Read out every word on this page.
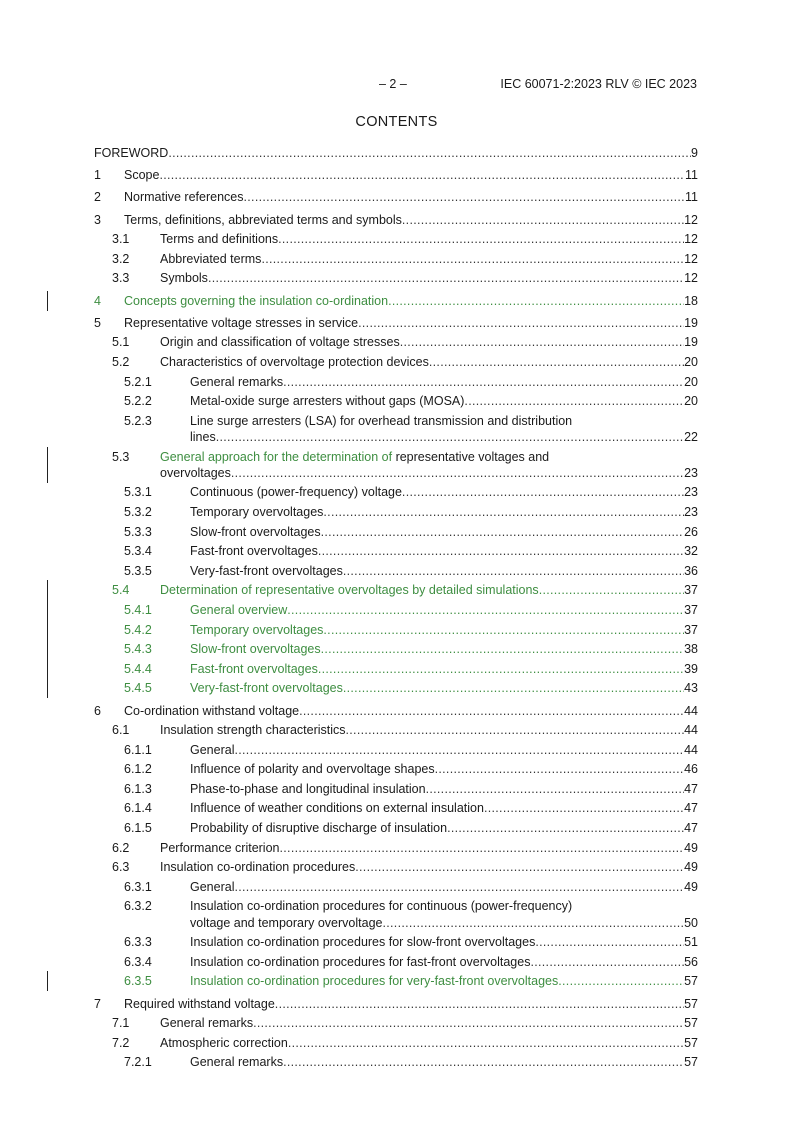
– 2 –	IEC 60071-2:2023 RLV © IEC 2023
CONTENTS
FOREWORD .....	9
1	Scope .....	11
2	Normative references .....	11
3	Terms, definitions, abbreviated terms and symbols .....	12
3.1	Terms and definitions .....	12
3.2	Abbreviated terms .....	12
3.3	Symbols .....	12
4	Concepts governing the insulation co-ordination .....	18
5	Representative voltage stresses in service .....	19
5.1	Origin and classification of voltage stresses .....	19
5.2	Characteristics of overvoltage protection devices .....	20
5.2.1	General remarks .....	20
5.2.2	Metal-oxide surge arresters without gaps (MOSA) .....	20
5.2.3	Line surge arresters (LSA) for overhead transmission and distribution
lines .....	22
5.3	General approach for the determination of representative voltages and
overvoltages .....	23
5.3.1	Continuous (power-frequency) voltage .....	23
5.3.2	Temporary overvoltages .....	23
5.3.3	Slow-front overvoltages .....	26
5.3.4	Fast-front overvoltages .....	32
5.3.5	Very-fast-front overvoltages .....	36
5.4	Determination of representative overvoltages by detailed simulations .....	37
5.4.1	General overview .....	37
5.4.2	Temporary overvoltages .....	37
5.4.3	Slow-front overvoltages .....	38
5.4.4	Fast-front overvoltages .....	39
5.4.5	Very-fast-front overvoltages .....	43
6	Co-ordination withstand voltage .....	44
6.1	Insulation strength characteristics .....	44
6.1.1	General .....	44
6.1.2	Influence of polarity and overvoltage shapes .....	46
6.1.3	Phase-to-phase and longitudinal insulation .....	47
6.1.4	Influence of weather conditions on external insulation .....	47
6.1.5	Probability of disruptive discharge of insulation .....	47
6.2	Performance criterion .....	49
6.3	Insulation co-ordination procedures .....	49
6.3.1	General .....	49
6.3.2	Insulation co-ordination procedures for continuous (power-frequency)
voltage and temporary overvoltage .....	50
6.3.3	Insulation co-ordination procedures for slow-front overvoltages .....	51
6.3.4	Insulation co-ordination procedures for fast-front overvoltages .....	56
6.3.5	Insulation co-ordination procedures for very-fast-front overvoltages .....	57
7	Required withstand voltage .....	57
7.1	General remarks .....	57
7.2	Atmospheric correction .....	57
7.2.1	General remarks .....	57
